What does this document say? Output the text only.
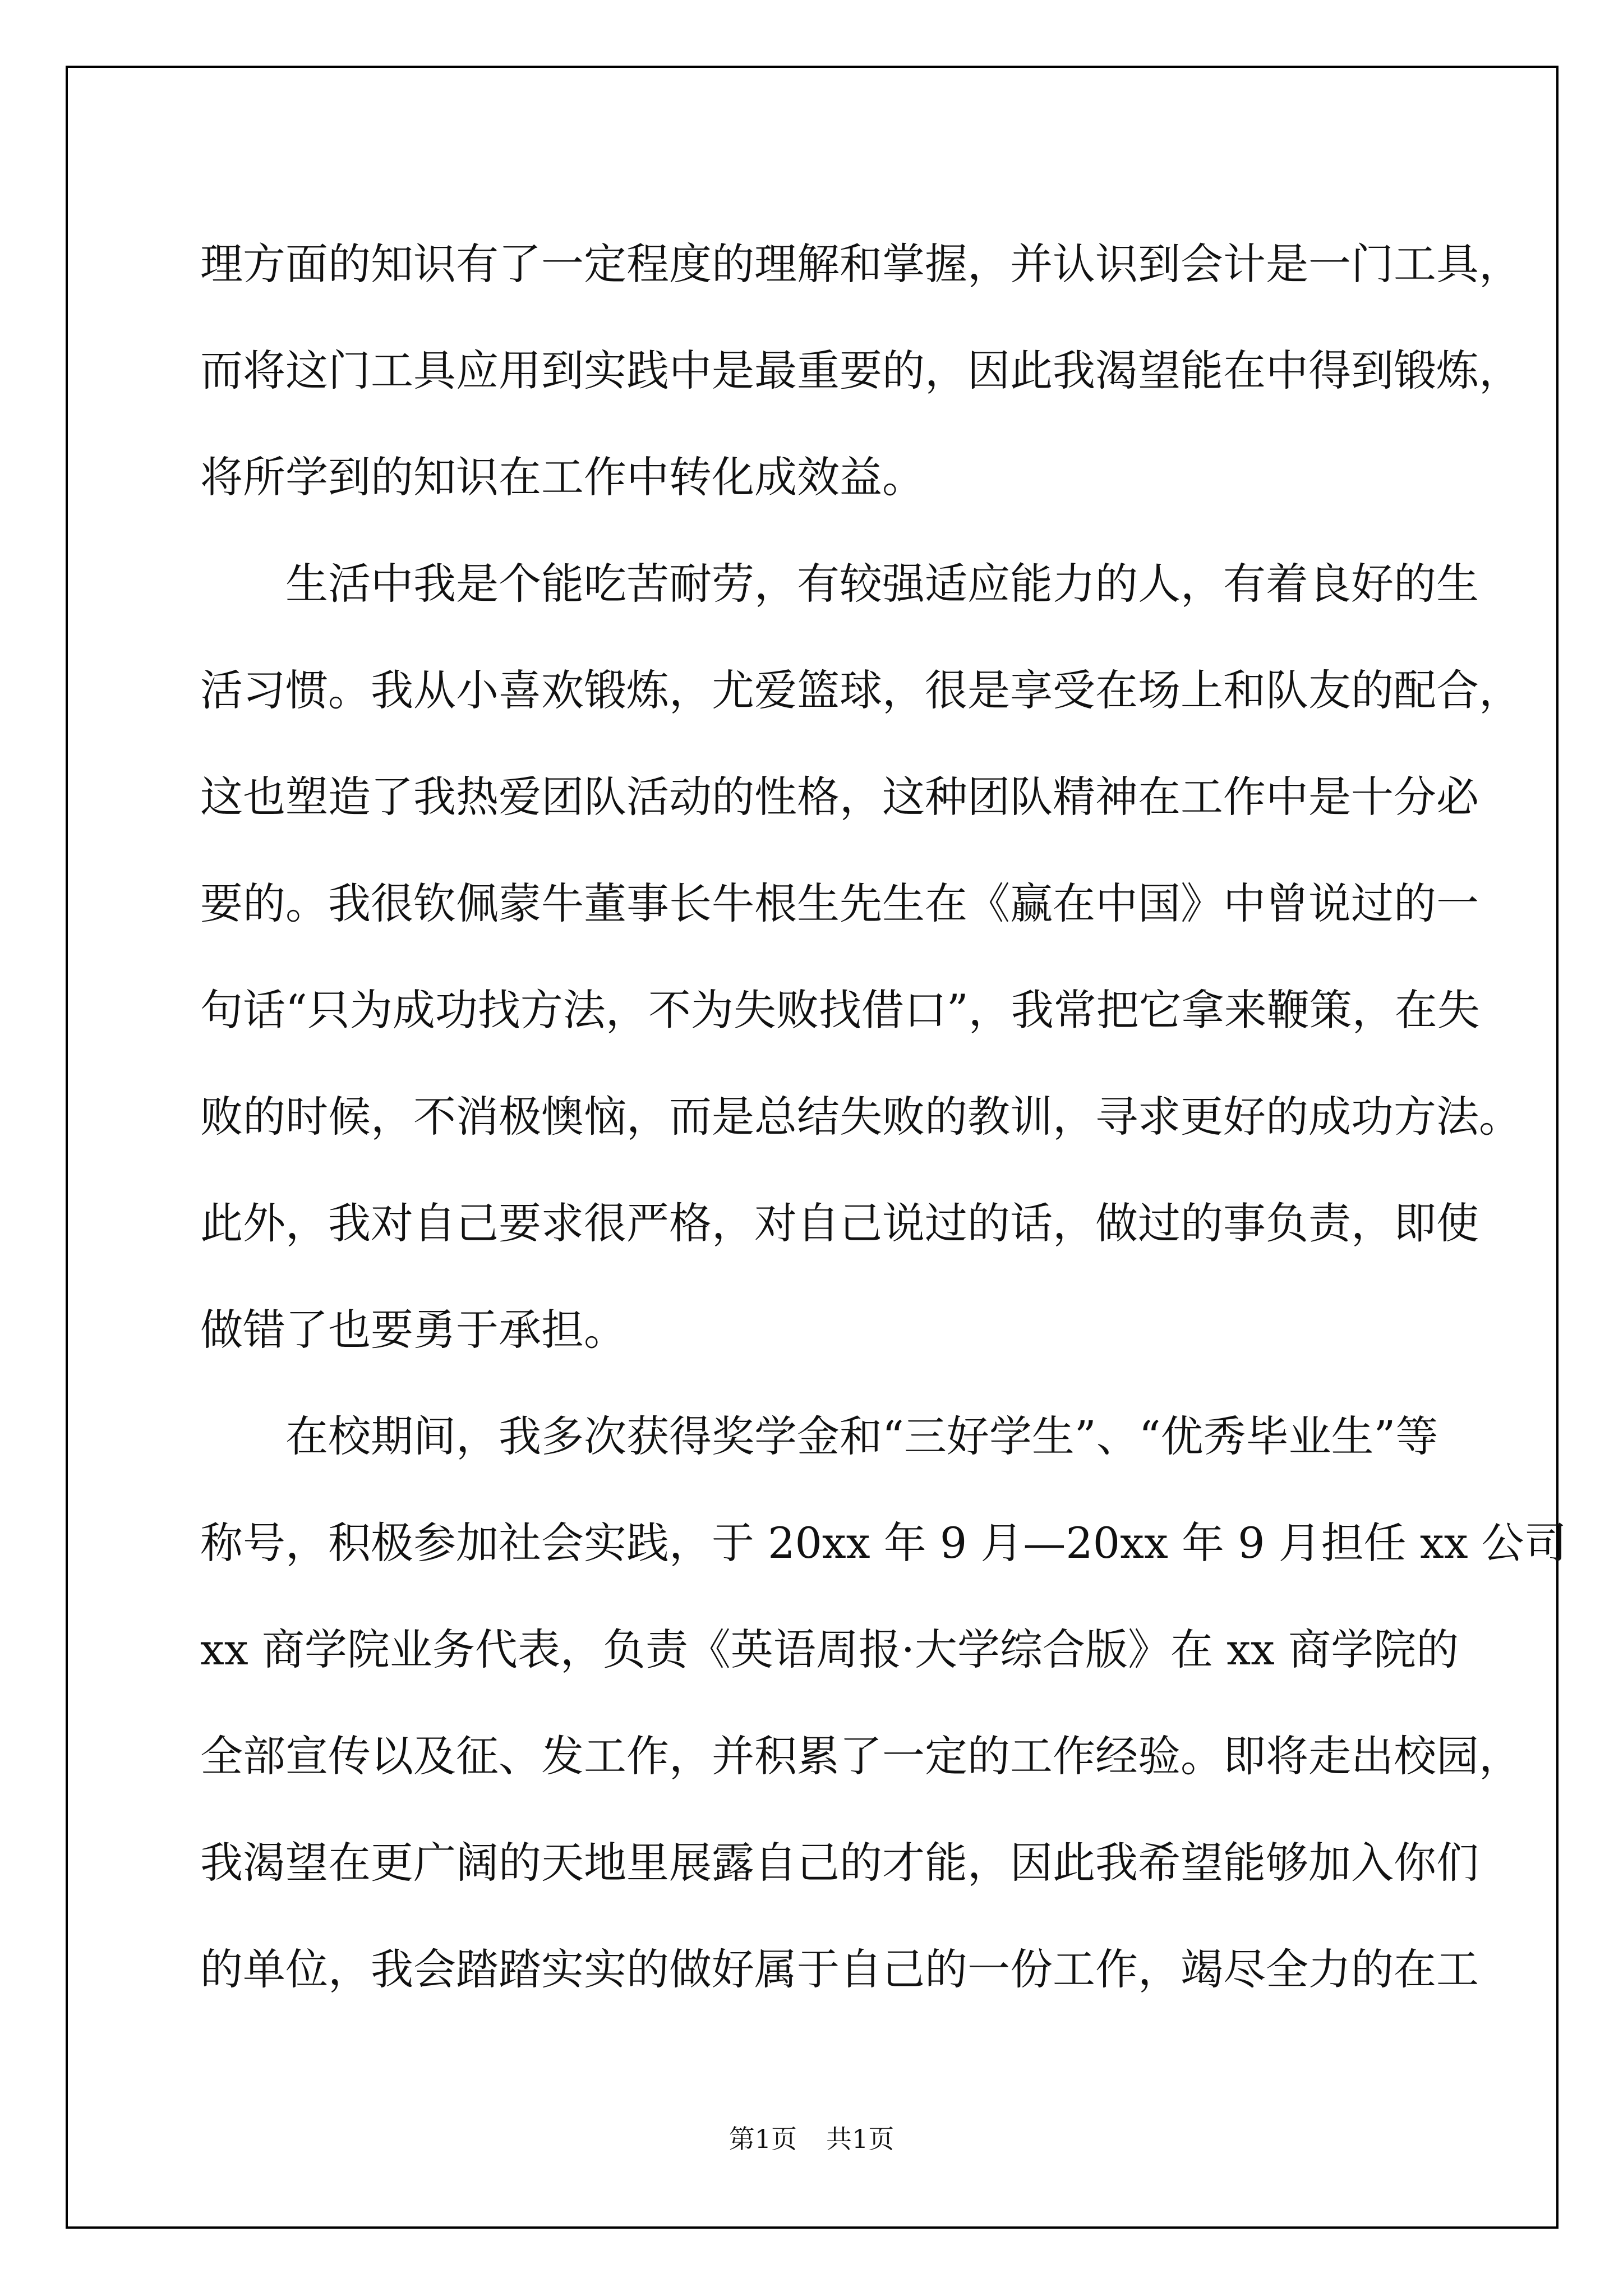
理方面的知识有了一定程度的理解和掌握，并认识到会计是一门工具，

而将这门工具应用到实践中是最重要的，因此我渴望能在中得到锻炼，

将所学到的知识在工作中转化成效益。

　　生活中我是个能吃苦耐劳，有较强适应能力的人，有着良好的生

活习惯。我从小喜欢锻炼，尤爱篮球，很是享受在场上和队友的配合，

这也塑造了我热爱团队活动的性格，这种团队精神在工作中是十分必

要的。我很钦佩蒙牛董事长牛根生先生在《赢在中国》中曾说过的一

句话“只为成功找方法，不为失败找借口”，我常把它拿来鞭策，在失

败的时候，不消极懊恼，而是总结失败的教训，寻求更好的成功方法。

此外，我对自己要求很严格，对自己说过的话，做过的事负责，即使

做错了也要勇于承担。

　　在校期间，我多次获得奖学金和“三好学生”、“优秀毕业生”等

称号，积极参加社会实践，于 20xx 年 9 月—20xx 年 9 月担任 xx 公司

xx 商学院业务代表，负责《英语周报·大学综合版》在 xx 商学院的

全部宣传以及征、发工作，并积累了一定的工作经验。即将走出校园，

我渴望在更广阔的天地里展露自己的才能，因此我希望能够加入你们

的单位，我会踏踏实实的做好属于自己的一份工作，竭尽全力的在工

第1页 共1页
